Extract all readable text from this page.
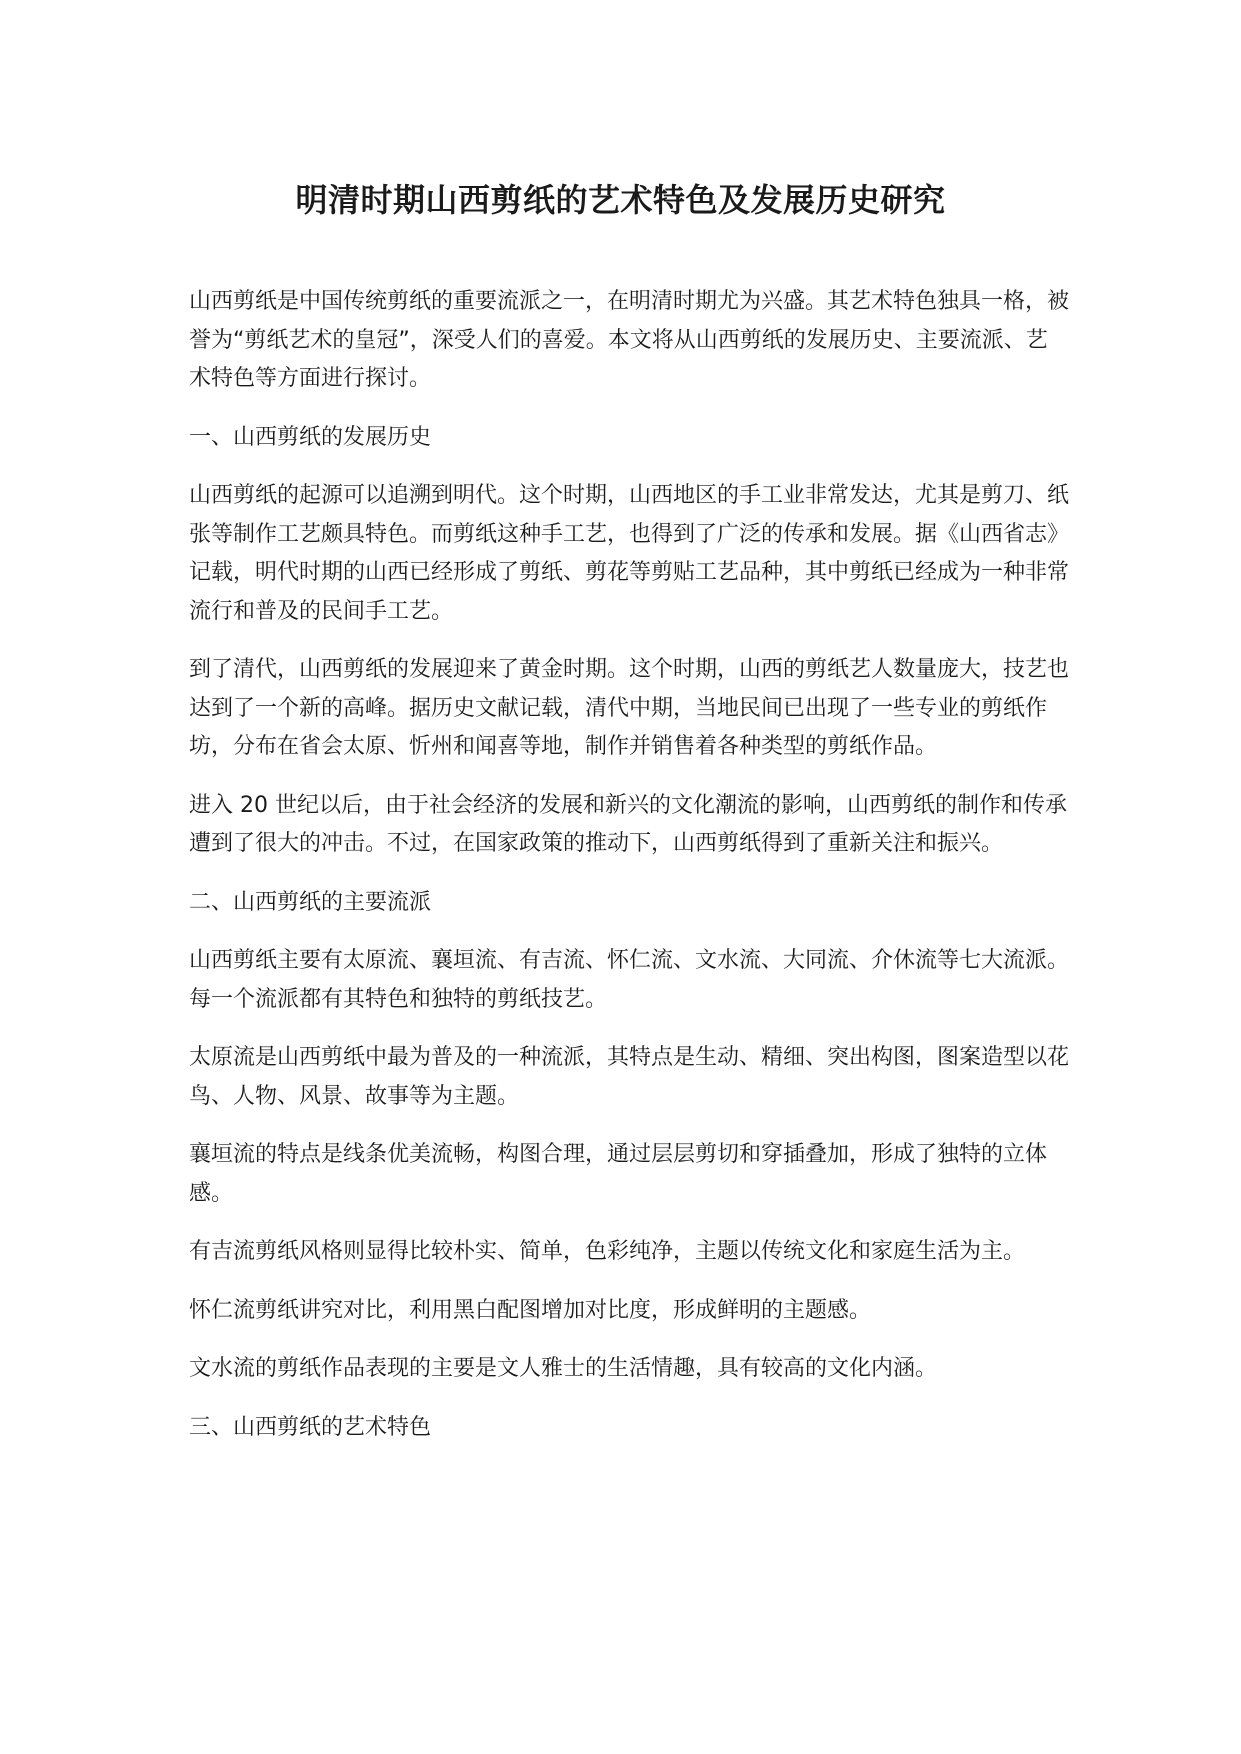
明清时期山西剪纸的艺术特色及发展历史研究

山西剪纸是中国传统剪纸的重要流派之一，在明清时期尤为兴盛。其艺术特色独具一格，被誉为“剪纸艺术的皇冠”，深受人们的喜爱。本文将从山西剪纸的发展历史、主要流派、艺术特色等方面进行探讨。

一、山西剪纸的发展历史

山西剪纸的起源可以追溯到明代。这个时期，山西地区的手工业非常发达，尤其是剪刀、纸张等制作工艺颇具特色。而剪纸这种手工艺，也得到了广泛的传承和发展。据《山西省志》记载，明代时期的山西已经形成了剪纸、剪花等剪贴工艺品种，其中剪纸已经成为一种非常流行和普及的民间手工艺。

到了清代，山西剪纸的发展迎来了黄金时期。这个时期，山西的剪纸艺人数量庞大，技艺也达到了一个新的高峰。据历史文献记载，清代中期，当地民间已出现了一些专业的剪纸作坊，分布在省会太原、忻州和闻喜等地，制作并销售着各种类型的剪纸作品。

进入 20 世纪以后，由于社会经济的发展和新兴的文化潮流的影响，山西剪纸的制作和传承遭到了很大的冲击。不过，在国家政策的推动下，山西剪纸得到了重新关注和振兴。

二、山西剪纸的主要流派

山西剪纸主要有太原流、襄垣流、有吉流、怀仁流、文水流、大同流、介休流等七大流派。每一个流派都有其特色和独特的剪纸技艺。

太原流是山西剪纸中最为普及的一种流派，其特点是生动、精细、突出构图，图案造型以花鸟、人物、风景、故事等为主题。

襄垣流的特点是线条优美流畅，构图合理，通过层层剪切和穿插叠加，形成了独特的立体感。

有吉流剪纸风格则显得比较朴实、简单，色彩纯净，主题以传统文化和家庭生活为主。

怀仁流剪纸讲究对比，利用黑白配图增加对比度，形成鲜明的主题感。

文水流的剪纸作品表现的主要是文人雅士的生活情趣，具有较高的文化内涵。

三、山西剪纸的艺术特色
